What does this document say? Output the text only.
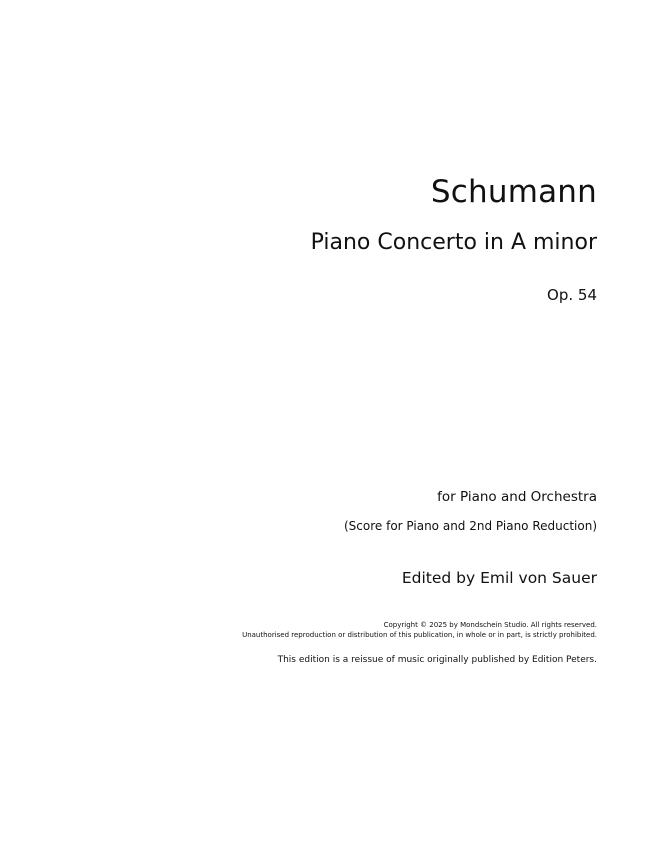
Schumann
Piano Concerto in A minor
Op. 54
for Piano and Orchestra
(Score for Piano and 2nd Piano Reduction)
Edited by Emil von Sauer
Copyright © 2025 by Mondschein Studio. All rights reserved.
Unauthorised reproduction or distribution of this publication, in whole or in part, is strictly prohibited.
This edition is a reissue of music originally published by Edition Peters.
